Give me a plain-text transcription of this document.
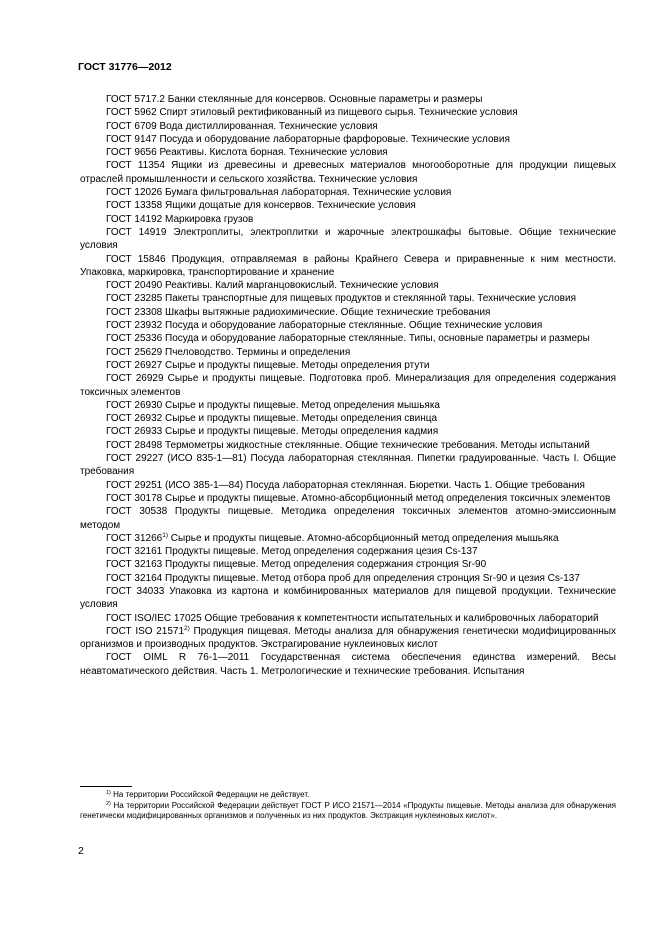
ГОСТ 31776—2012
ГОСТ 5717.2 Банки стеклянные для консервов. Основные параметры и размеры
ГОСТ 5962 Спирт этиловый ректификованный из пищевого сырья. Технические условия
ГОСТ 6709 Вода дистиллированная. Технические условия
ГОСТ 9147 Посуда и оборудование лабораторные фарфоровые. Технические условия
ГОСТ 9656 Реактивы. Кислота борная. Технические условия
ГОСТ 11354 Ящики из древесины и древесных материалов многооборотные для продукции пищевых отраслей промышленности и сельского хозяйства. Технические условия
ГОСТ 12026 Бумага фильтровальная лабораторная. Технические условия
ГОСТ 13358 Ящики дощатые для консервов. Технические условия
ГОСТ 14192 Маркировка грузов
ГОСТ 14919 Электроплиты, электроплитки и жарочные электрошкафы бытовые. Общие технические условия
ГОСТ 15846 Продукция, отправляемая в районы Крайнего Севера и приравненные к ним местности. Упаковка, маркировка, транспортирование и хранение
ГОСТ 20490 Реактивы. Калий марганцовокислый. Технические условия
ГОСТ 23285 Пакеты транспортные для пищевых продуктов и стеклянной тары. Технические условия
ГОСТ 23308 Шкафы вытяжные радиохимические. Общие технические требования
ГОСТ 23932 Посуда и оборудование лабораторные стеклянные. Общие технические условия
ГОСТ 25336 Посуда и оборудование лабораторные стеклянные. Типы, основные параметры и размеры
ГОСТ 25629 Пчеловодство. Термины и определения
ГОСТ 26927 Сырье и продукты пищевые. Методы определения ртути
ГОСТ 26929 Сырье и продукты пищевые. Подготовка проб. Минерализация для определения содержания токсичных элементов
ГОСТ 26930 Сырье и продукты пищевые. Метод определения мышьяка
ГОСТ 26932 Сырье и продукты пищевые. Методы определения свинца
ГОСТ 26933 Сырье и продукты пищевые. Методы определения кадмия
ГОСТ 28498 Термометры жидкостные стеклянные. Общие технические требования. Методы испытаний
ГОСТ 29227 (ИСО 835-1—81) Посуда лабораторная стеклянная. Пипетки градуированные. Часть I. Общие требования
ГОСТ 29251 (ИСО 385-1—84) Посуда лабораторная стеклянная. Бюретки. Часть 1. Общие требования
ГОСТ 30178 Сырье и продукты пищевые. Атомно-абсорбционный метод определения токсичных элементов
ГОСТ 30538 Продукты пищевые. Методика определения токсичных элементов атомно-эмиссионным методом
ГОСТ 31266$^{1)}$ Сырье и продукты пищевые. Атомно-абсорбционный метод определения мышьяка
ГОСТ 32161 Продукты пищевые. Метод определения содержания цезия Cs-137
ГОСТ 32163 Продукты пищевые. Метод определения содержания стронция Sr-90
ГОСТ 32164 Продукты пищевые. Метод отбора проб для определения стронция Sr-90 и цезия Cs-137
ГОСТ 34033 Упаковка из картона и комбинированных материалов для пищевой продукции. Технические условия
ГОСТ ISO/IEC 17025 Общие требования к компетентности испытательных и калибровочных лабораторий
ГОСТ ISO 21571$^{2)}$ Продукция пищевая. Методы анализа для обнаружения генетически модифицированных организмов и производных продуктов. Экстрагирование нуклеиновых кислот
ГОСТ OIML R 76-1—2011 Государственная система обеспечения единства измерений. Весы неавтоматического действия. Часть 1. Метрологические и технические требования. Испытания
$^{1)}$ На территории Российской Федерации не действует.
$^{2)}$ На территории Российской Федерации действует ГОСТ Р ИСО 21571—2014 «Продукты пищевые. Методы анализа для обнаружения генетически модифицированных организмов и полученных из них продуктов. Экстракция нуклеиновых кислот».
2
